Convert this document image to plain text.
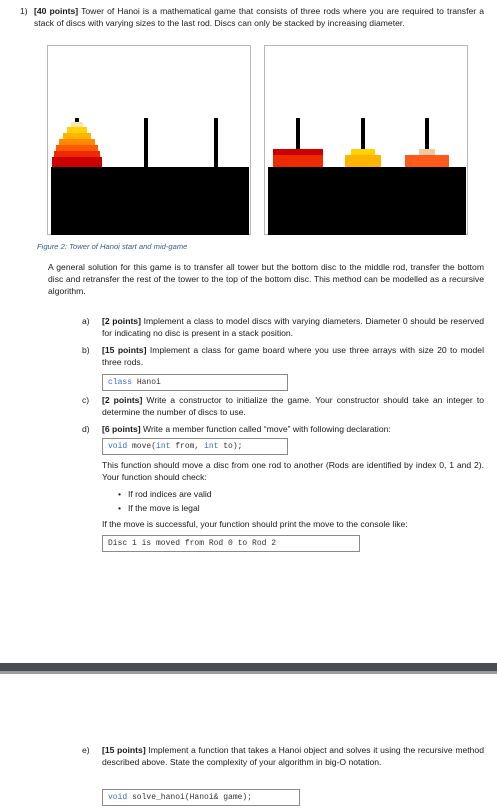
1) [40 points] Tower of Hanoi is a mathematical game that consists of three rods where you are required to transfer a stack of discs with varying sizes to the last rod. Discs can only be stacked by increasing diameter.
Figure 2: Tower of Hanoi start and mid-game
A general solution for this game is to transfer all tower but the bottom disc to the middle rod, transfer the bottom disc and retransfer the rest of the tower to the top of the bottom disc. This method can be modelled as a recursive algorithm.
a) [2 points] Implement a class to model discs with varying diameters. Diameter 0 should be reserved for indicating no disc is present in a stack position.
b) [15 points] Implement a class for game board where you use three arrays with size 20 to model three rods.
class Hanoi
c) [2 points] Write a constructor to initialize the game. Your constructor should take an integer to determine the number of discs to use.
d) [6 points] Write a member function called “move” with following declaration:
void move(int from, int to);
This function should move a disc from one rod to another (Rods are identified by index 0, 1 and 2). Your function should check:
• If rod indices are valid
• If the move is legal
If the move is successful, your function should print the move to the console like:
Disc 1 is moved from Rod 0 to Rod 2
e) [15 points] Implement a function that takes a Hanoi object and solves it using the recursive method described above. State the complexity of your algorithm in big-O notation.
void solve_hanoi(Hanoi& game);
